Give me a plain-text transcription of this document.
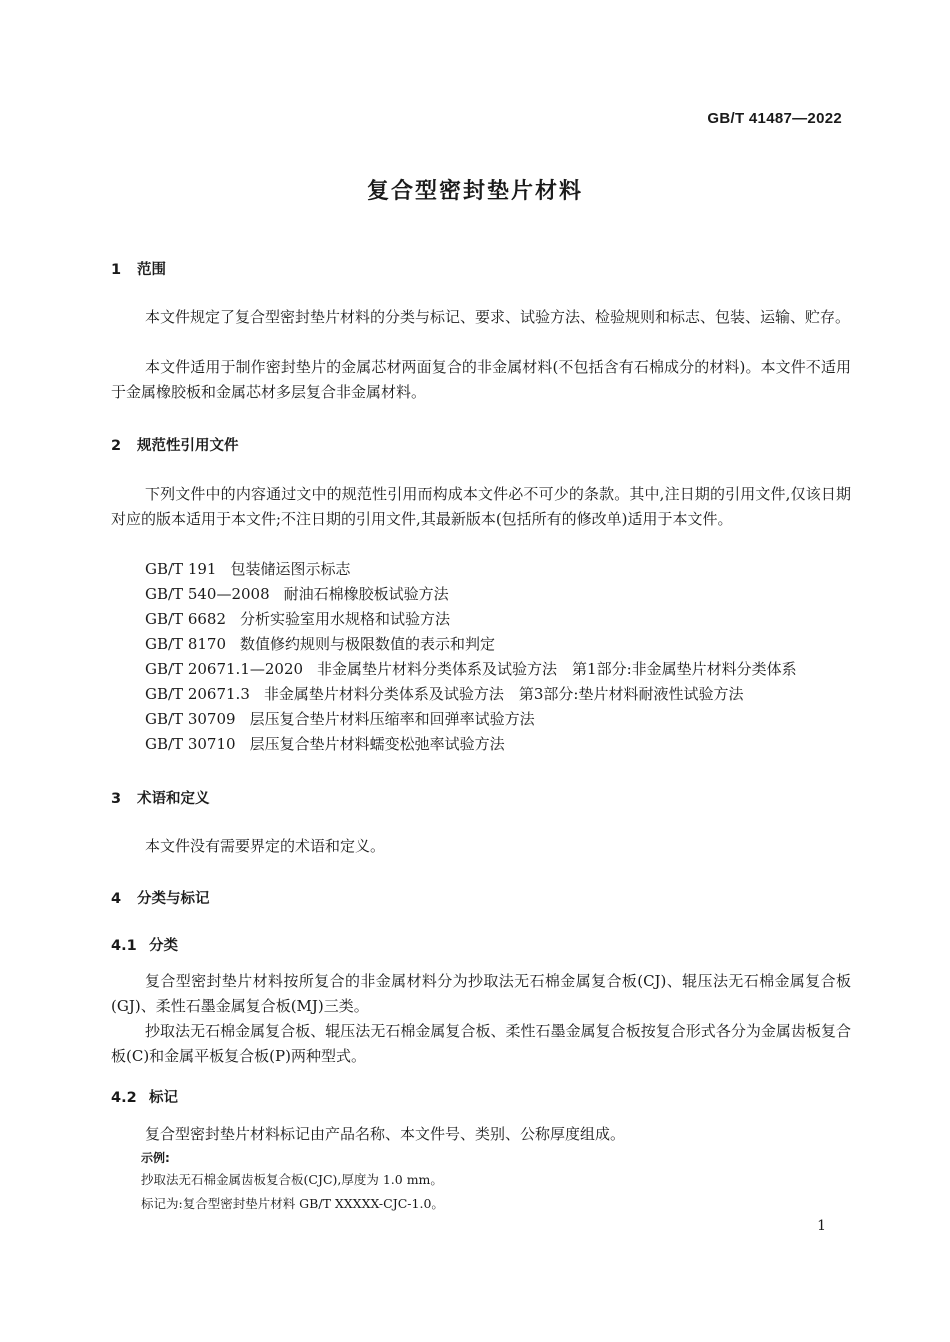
GB/T 41487—2022
复合型密封垫片材料
1 范围
本文件规定了复合型密封垫片材料的分类与标记、要求、试验方法、检验规则和标志、包装、运输、贮存。
本文件适用于制作密封垫片的金属芯材两面复合的非金属材料(不包括含有石棉成分的材料)。本文件不适用于金属橡胶板和金属芯材多层复合非金属材料。
2 规范性引用文件
下列文件中的内容通过文中的规范性引用而构成本文件必不可少的条款。其中,注日期的引用文件,仅该日期对应的版本适用于本文件;不注日期的引用文件,其最新版本(包括所有的修改单)适用于本文件。
GB/T 191 包装储运图示标志
GB/T 540—2008 耐油石棉橡胶板试验方法
GB/T 6682 分析实验室用水规格和试验方法
GB/T 8170 数值修约规则与极限数值的表示和判定
GB/T 20671.1—2020 非金属垫片材料分类体系及试验方法　第1部分:非金属垫片材料分类体系
GB/T 20671.3 非金属垫片材料分类体系及试验方法　第3部分:垫片材料耐液性试验方法
GB/T 30709 层压复合垫片材料压缩率和回弹率试验方法
GB/T 30710 层压复合垫片材料蠕变松弛率试验方法
3 术语和定义
本文件没有需要界定的术语和定义。
4 分类与标记
4.1 分类
复合型密封垫片材料按所复合的非金属材料分为抄取法无石棉金属复合板(CJ)、辊压法无石棉金属复合板(GJ)、柔性石墨金属复合板(MJ)三类。
抄取法无石棉金属复合板、辊压法无石棉金属复合板、柔性石墨金属复合板按复合形式各分为金属齿板复合板(C)和金属平板复合板(P)两种型式。
4.2 标记
复合型密封垫片材料标记由产品名称、本文件号、类别、公称厚度组成。
示例:
抄取法无石棉金属齿板复合板(CJC),厚度为 1.0 mm。
标记为:复合型密封垫片材料 GB/T XXXXX-CJC-1.0。
1
